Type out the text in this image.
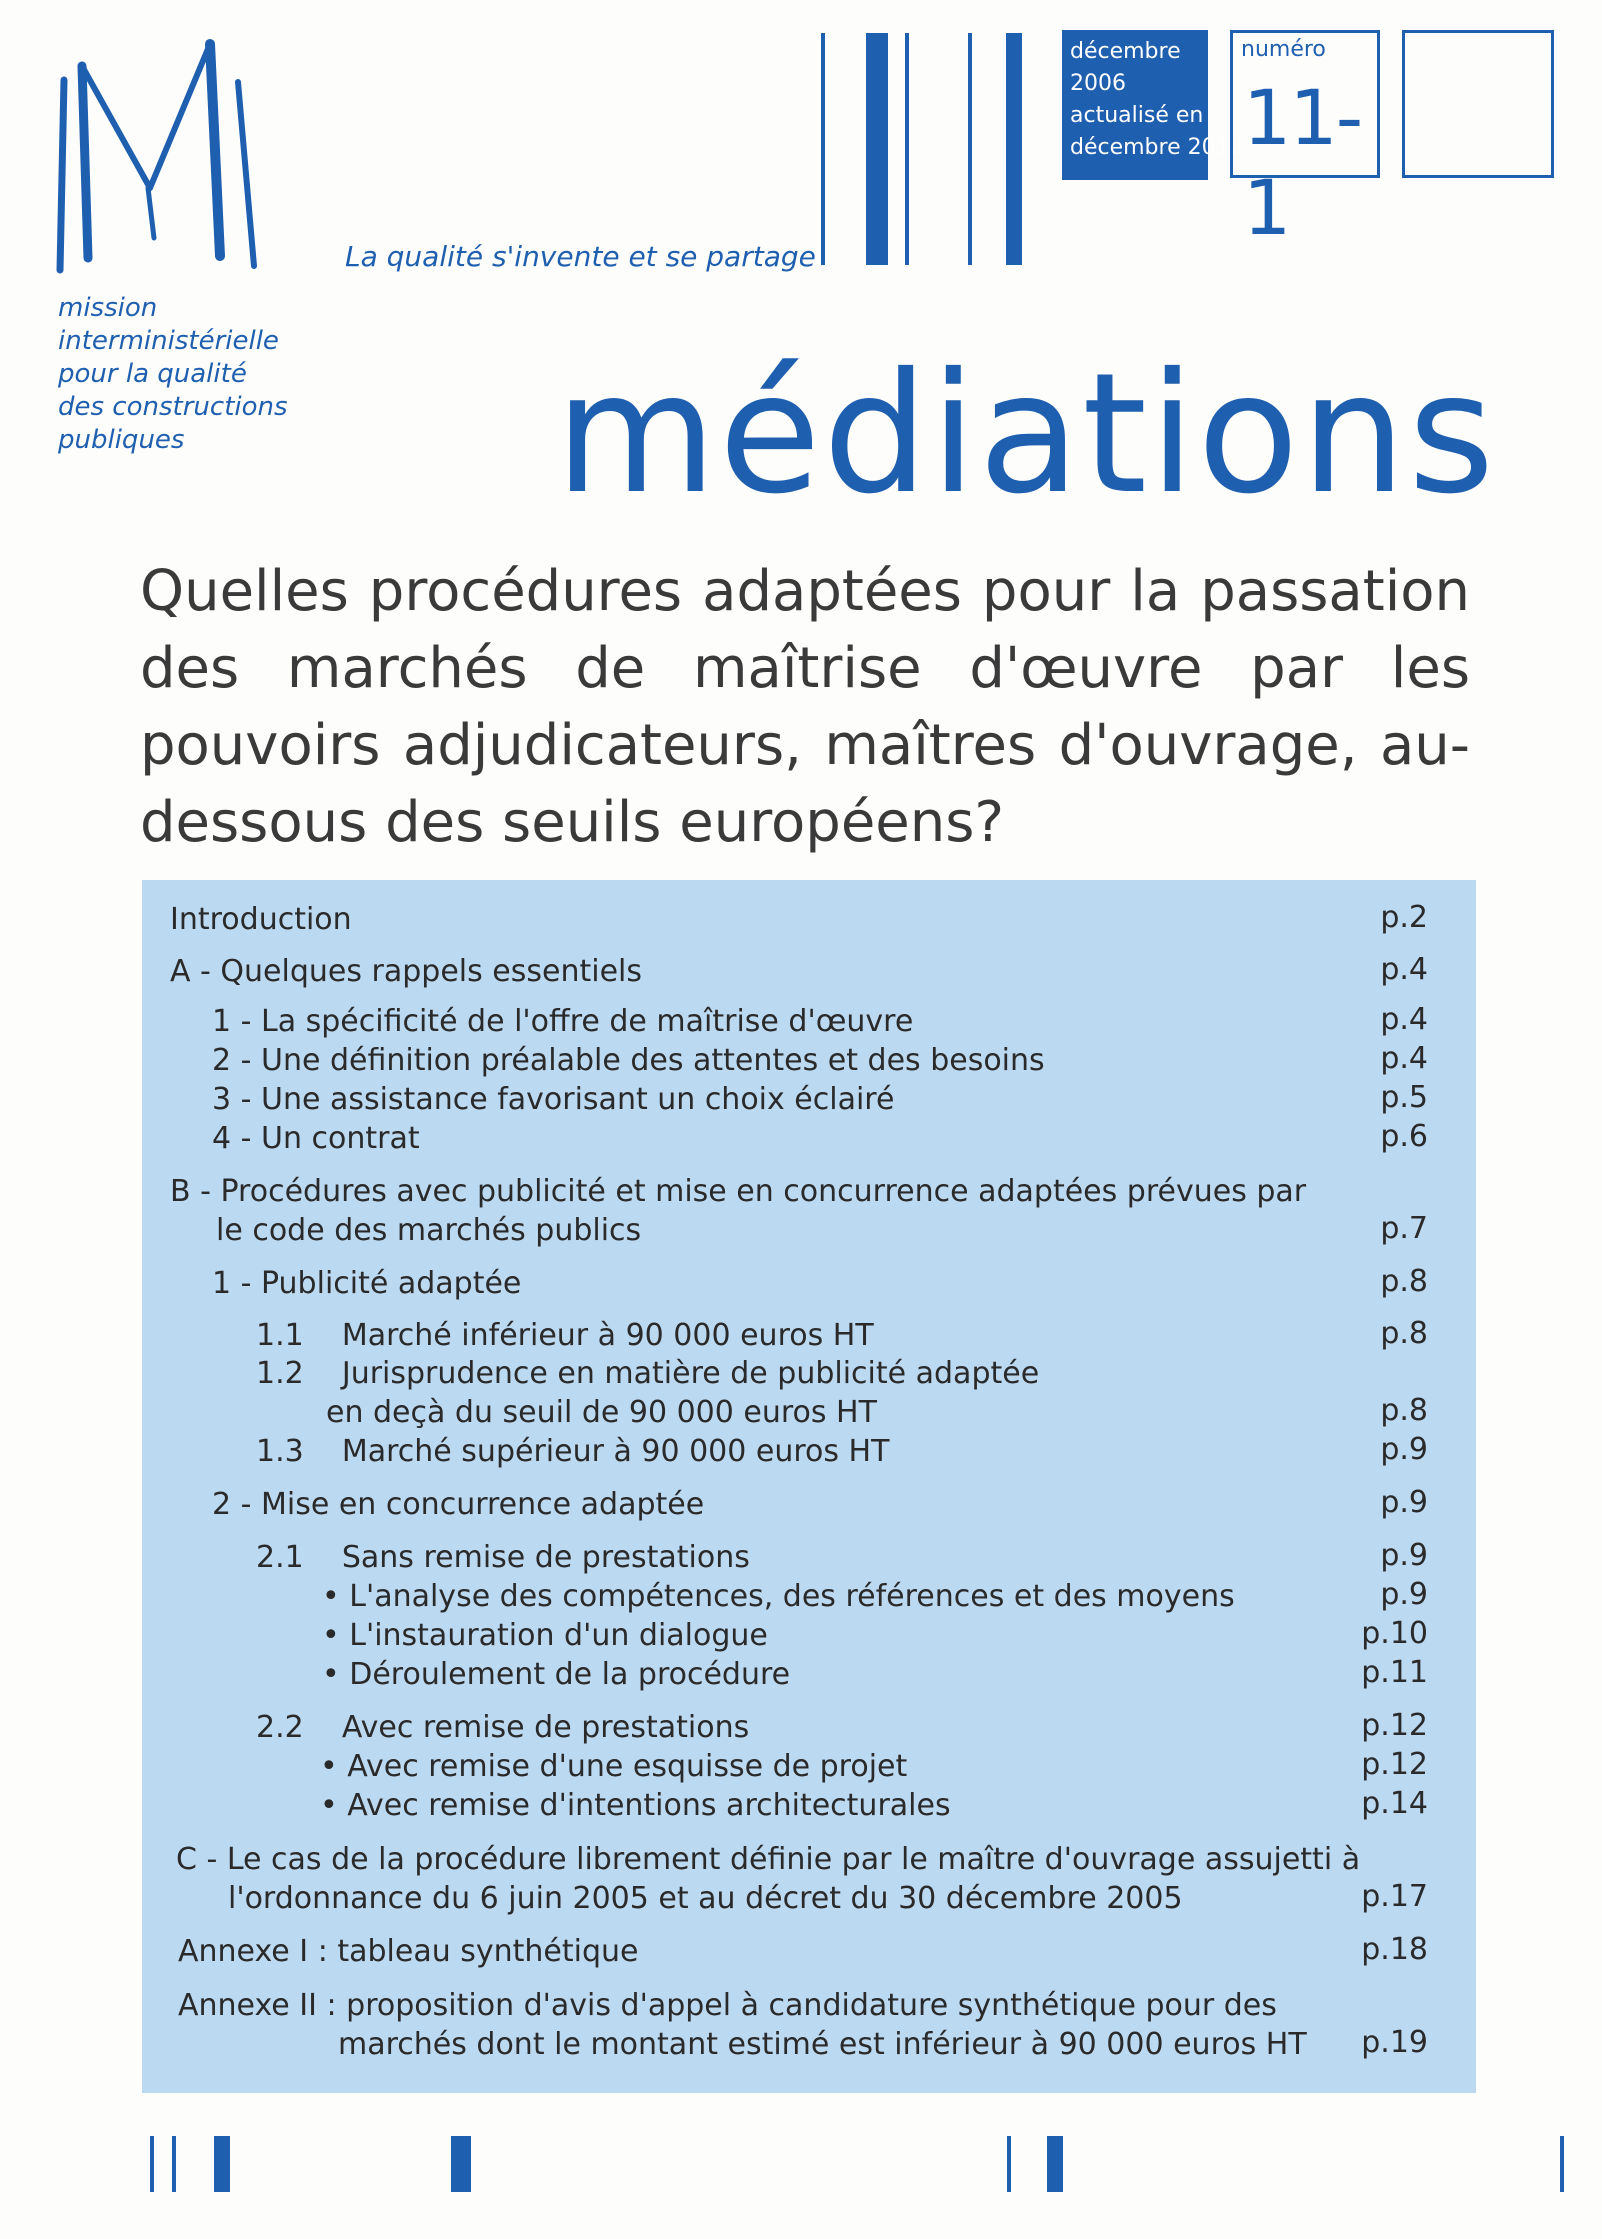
mission
interministérielle
pour la qualité
des constructions
publiques
La qualité s'invente et se partage
décembre
2006
actualisé en
décembre 2012
numéro
11-1
médiations
Quelles procédures adaptées pour la passation des marchés de maîtrise d'œuvre par les pouvoirs adjudicateurs, maîtres d'ouvrage, au-dessous des seuils européens?
Introduction	p.2
A - Quelques rappels essentiels	p.4
1 - La spécificité de l'offre de maîtrise d'œuvre	p.4
2 - Une définition préalable des attentes et des besoins	p.4
3 - Une assistance favorisant un choix éclairé	p.5
4 - Un contrat	p.6
B - Procédures avec publicité et mise en concurrence adaptées prévues par
le code des marchés publics	p.7
1 - Publicité adaptée	p.8
1.1    Marché inférieur à 90 000 euros HT	p.8
1.2    Jurisprudence en matière de publicité adaptée
en deçà du seuil de 90 000 euros HT	p.8
1.3    Marché supérieur à 90 000 euros HT	p.9
2 - Mise en concurrence adaptée	p.9
2.1    Sans remise de prestations	p.9
• L'analyse des compétences, des références et des moyens	p.9
• L'instauration d'un dialogue	p.10
• Déroulement de la procédure	p.11
2.2    Avec remise de prestations	p.12
• Avec remise d'une esquisse de projet	p.12
• Avec remise d'intentions architecturales	p.14
C - Le cas de la procédure librement définie par le maître d'ouvrage assujetti à
l'ordonnance du 6 juin 2005 et au décret du 30 décembre 2005	p.17
Annexe I : tableau synthétique	p.18
Annexe II : proposition d'avis d'appel à candidature synthétique pour des
marchés dont le montant estimé est inférieur à 90 000 euros HT	p.19
